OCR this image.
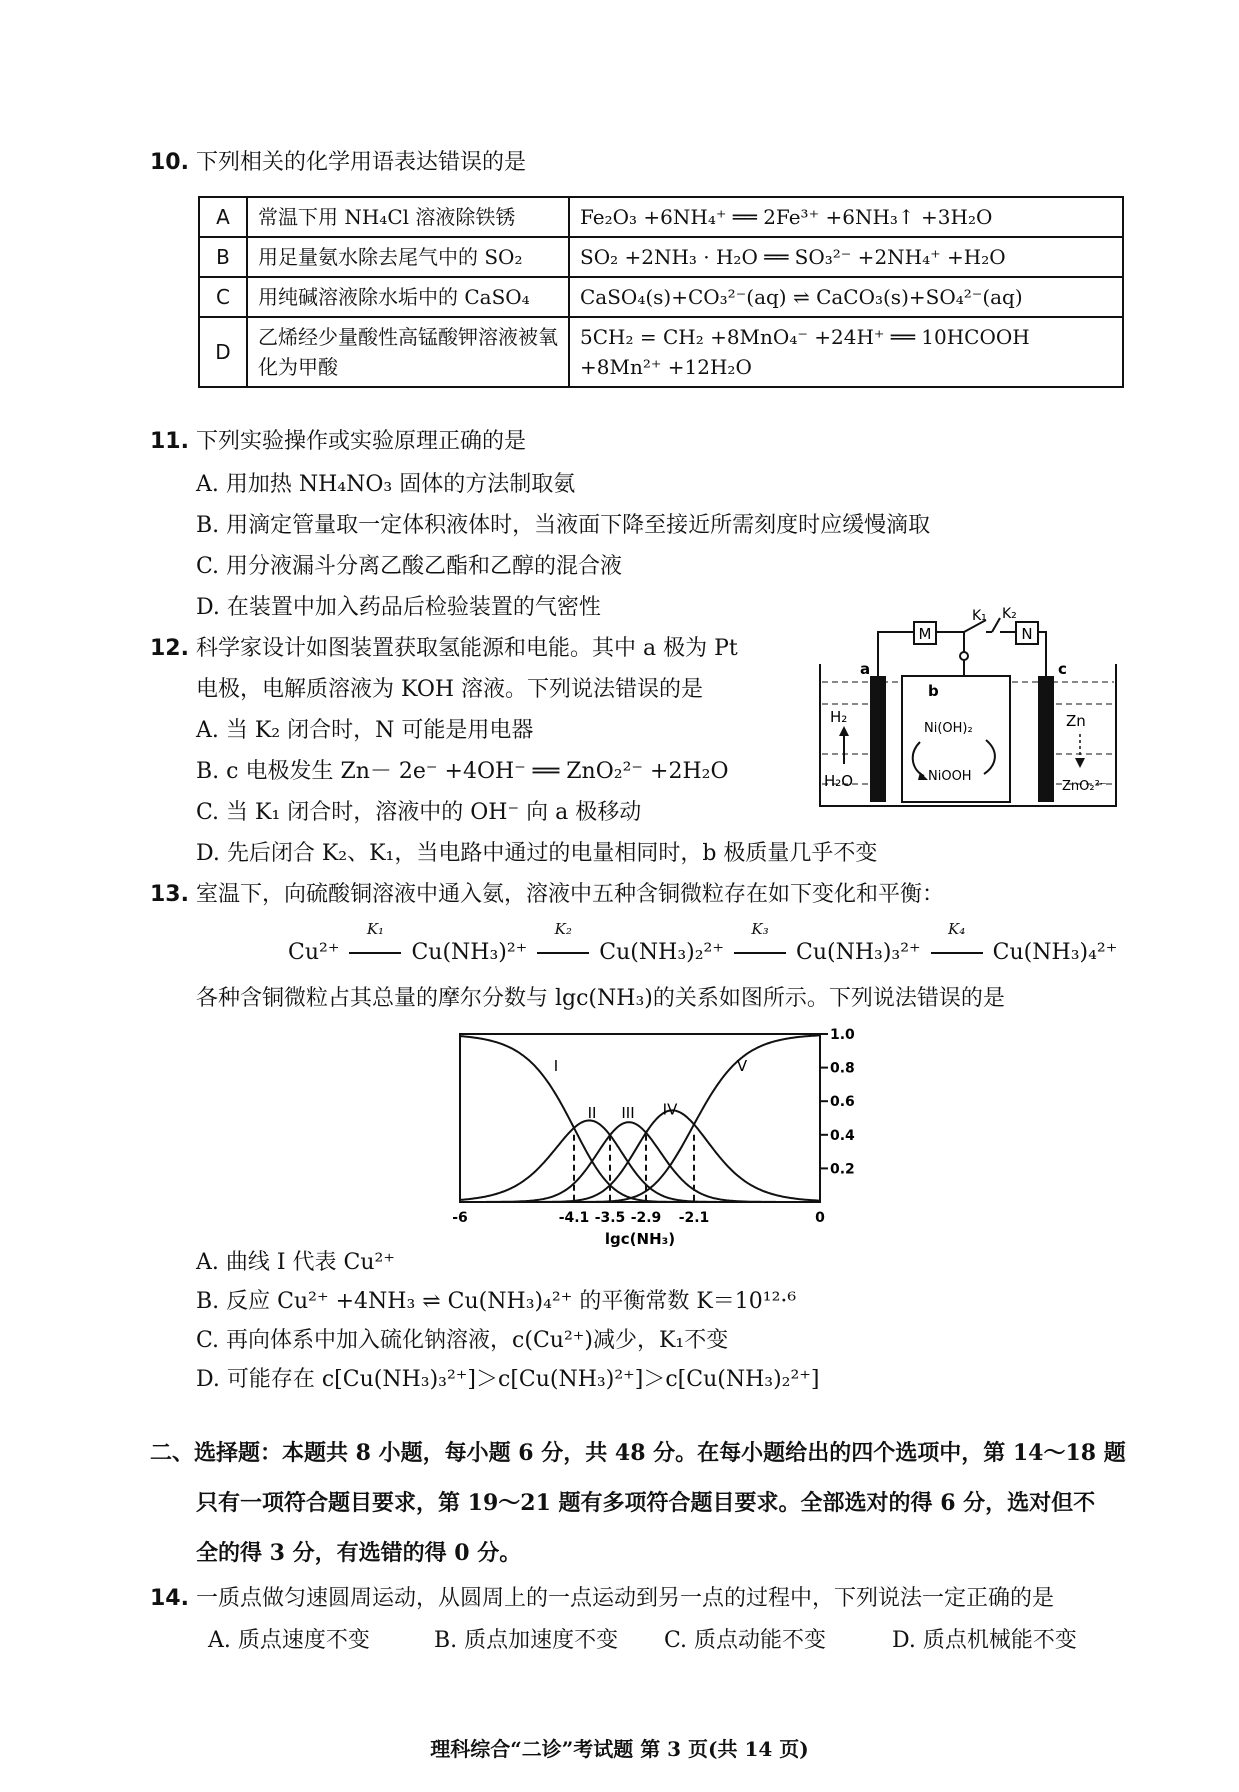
10. 下列相关的化学用语表达错误的是
A	常温下用 NH₄Cl 溶液除铁锈	Fe₂O₃ +6NH₄⁺ ══ 2Fe³⁺ +6NH₃↑ +3H₂O
B	用足量氨水除去尾气中的 SO₂	SO₂ +2NH₃ · H₂O ══ SO₃²⁻ +2NH₄⁺ +H₂O
C	用纯碱溶液除水垢中的 CaSO₄	CaSO₄(s)+CO₃²⁻(aq) ⇌ CaCO₃(s)+SO₄²⁻(aq)
D	乙烯经少量酸性高锰酸钾溶液被氧化为甲酸	5CH₂ = CH₂ +8MnO₄⁻ +24H⁺ ══ 10HCOOH +8Mn²⁺ +12H₂O
11. 下列实验操作或实验原理正确的是
A. 用加热 NH₄NO₃ 固体的方法制取氨
B. 用滴定管量取一定体积液体时，当液面下降至接近所需刻度时应缓慢滴取
C. 用分液漏斗分离乙酸乙酯和乙醇的混合液
D. 在装置中加入药品后检验装置的气密性
12. 科学家设计如图装置获取氢能源和电能。其中 a 极为 Pt
电极，电解质溶液为 KOH 溶液。下列说法错误的是
A. 当 K₂ 闭合时，N 可能是用电器
B. c 电极发生 Zn－ 2e⁻ +4OH⁻ ══ ZnO₂²⁻ +2H₂O
C. 当 K₁ 闭合时，溶液中的 OH⁻ 向 a 极移动
D. 先后闭合 K₂、K₁，当电路中通过的电量相同时，b 极质量几乎不变
M
K₁ K₂
N
a	c
b
H₂
H₂O
Ni(OH)₂
NiOOH
Zn
ZnO₂²⁻
13. 室温下，向硫酸铜溶液中通入氨，溶液中五种含铜微粒存在如下变化和平衡：
Cu²⁺
K₁
Cu(NH₃)²⁺
K₂
Cu(NH₃)₂²⁺
K₃
Cu(NH₃)₃²⁺
K₄
Cu(NH₃)₄²⁺
各种含铜微粒占其总量的摩尔分数与 lgc(NH₃)的关系如图所示。下列说法错误的是
-6	-4.1 -3.5 -2.9 -2.1	0
1.0
0.8
0.6
0.4
0.2
I
II III IV
V
lgc(NH₃)
A. 曲线 I 代表 Cu²⁺
B. 反应 Cu²⁺ +4NH₃ ⇌ Cu(NH₃)₄²⁺ 的平衡常数 K＝10¹²·⁶
C. 再向体系中加入硫化钠溶液，c(Cu²⁺)减少，K₁不变
D. 可能存在 c[Cu(NH₃)₃²⁺]＞c[Cu(NH₃)²⁺]＞c[Cu(NH₃)₂²⁺]
二、选择题：本题共 8 小题，每小题 6 分，共 48 分。在每小题给出的四个选项中，第 14～18 题
只有一项符合题目要求，第 19～21 题有多项符合题目要求。全部选对的得 6 分，选对但不
全的得 3 分，有选错的得 0 分。
14. 一质点做匀速圆周运动，从圆周上的一点运动到另一点的过程中，下列说法一定正确的是
A. 质点速度不变	B. 质点加速度不变 C. 质点动能不变	D. 质点机械能不变
理科综合“二诊”考试题 第 3 页(共 14 页)
